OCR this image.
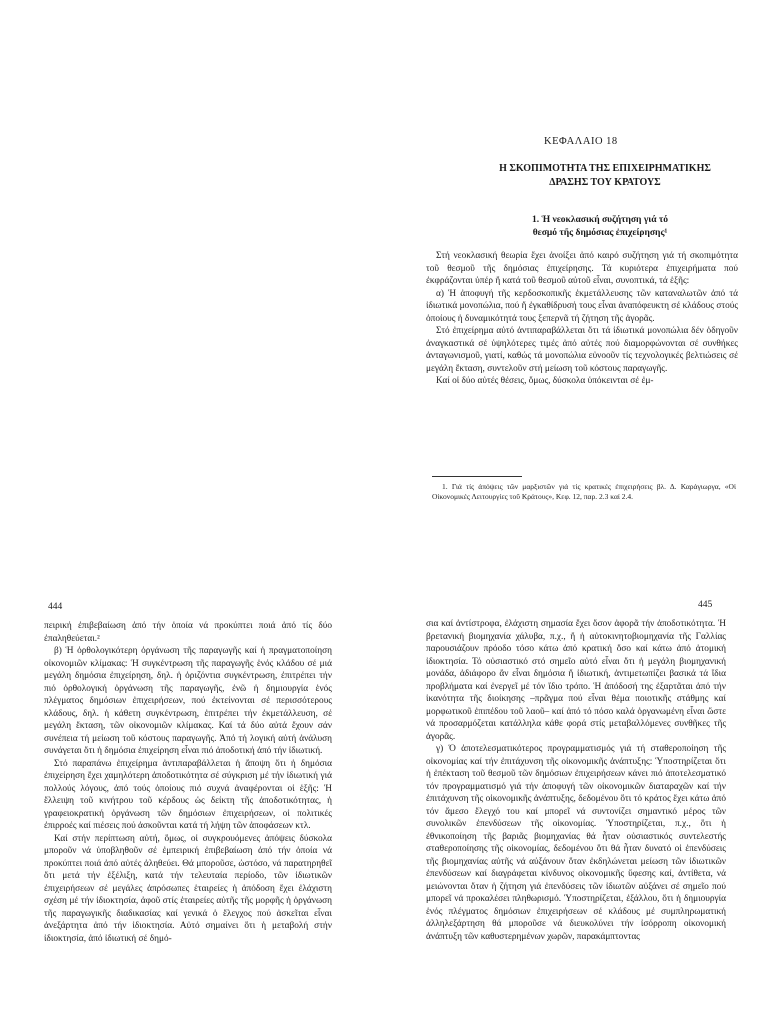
ΚΕΦΑΛΑΙΟ 18
Η ΣΚΟΠΙΜΟΤΗΤΑ ΤΗΣ ΕΠΙΧΕΙΡΗΜΑΤΙΚΗΣ
ΔΡΑΣΗΣ ΤΟΥ ΚΡΑΤΟΥΣ
1. Ἡ νεοκλασική συζήτηση γιά τό
θεσμό τῆς δημόσιας ἐπιχείρησης¹

Στή νεοκλασική θεωρία ἔχει ἀνοίξει ἀπό καιρό συζήτηση γιά τή σκοπιμότητα τοῦ θεσμοῦ τῆς δημόσιας ἐπιχείρησης. Τά κυριότερα ἐπιχειρήματα πού ἐκφράζονται ὑπέρ ἤ κατά τοῦ θεσμοῦ αὐτοῦ εἶναι, συνοπτικά, τά ἑξῆς:

α) Ἡ ἀποφυγή τῆς κερδοσκοπικῆς ἐκμετάλλευσης τῶν καταναλωτῶν ἀπό τά ἰδιωτικά μονοπώλια, πού ἤ ἐγκαθίδρυσή τους εἶναι ἀναπόφευκτη σέ κλάδους στούς ὁποίους ἡ δυναμικότητά τους ξεπερνᾶ τή ζήτηση τῆς ἀγορᾶς.

Στό ἐπιχείρημα αὐτό ἀντιπαραβάλλεται ὅτι τά ἰδιωτικά μονοπώλια δέν ὁδηγοῦν ἀναγκαστικά σέ ὑψηλότερες τιμές ἀπό αὐτές πού διαμορφώνονται σέ συνθήκες ἀνταγωνισμοῦ, γιατί, καθώς τά μονοπώλια εὐνοοῦν τίς τεχνολογικές βελτιώσεις σέ μεγάλη ἔκταση, συντελοῦν στή μείωση τοῦ κόστους παραγωγῆς.

Καί οἱ δύο αὐτές θέσεις, ὅμως, δύσκολα ὑπόκεινται σέ ἐμ-

1. Γιά τίς ἀπόψεις τῶν μαρξιστῶν γιά τίς κρατικές ἐπιχειρήσεις βλ. Δ. Καράγιωργα, «Οἱ Οἰκονομικές Λειτουργίες τοῦ Κράτους», Κεφ. 12, παρ. 2.3 καί 2.4.
444	445

πειρική ἐπιβεβαίωση ἀπό τήν ὁποία νά προκύπτει ποιά ἀπό τίς δύο ἐπαληθεύεται.²

β) Ἡ ὀρθολογικότερη ὀργάνωση τῆς παραγωγῆς καί ἡ πραγματοποίηση οἰκονομιῶν κλίμακας: Ἡ συγκέντρωση τῆς παραγωγῆς ἑνός κλάδου σέ μιά μεγάλη δημόσια ἐπιχείρηση, δηλ. ἡ ὁριζόντια συγκέντρωση, ἐπιτρέπει τήν πιό ὀρθολογική ὀργάνωση τῆς παραγωγῆς, ἐνῶ ἡ δημιουργία ἑνός πλέγματος δημόσιων ἐπιχειρήσεων, πού ἐκτείνονται σέ περισσότερους κλάδους, δηλ. ἡ κάθετη συγκέντρωση, ἐπιτρέπει τήν ἐκμετάλλευση, σέ μεγάλη ἔκταση, τῶν οἰκονομιῶν κλίμακας. Καί τά δύο αὐτά ἔχουν σάν συνέπεια τή μείωση τοῦ κόστους παραγωγῆς. Ἀπό τή λογική αὐτή ἀνάλυση συνάγεται ὅτι ἡ δημόσια ἐπιχείρηση εἶναι πιό ἀποδοτική ἀπό τήν ἰδιωτική.

Στό παραπάνω ἐπιχείρημα ἀντιπαραβάλλεται ἡ ἄποψη ὅτι ἡ δημόσια ἐπιχείρηση ἔχει χαμηλότερη ἀποδοτικότητα σέ σύγκριση μέ τήν ἰδιωτική γιά πολλούς λόγους, ἀπό τούς ὁποίους πιό συχνά ἀναφέρονται οἱ ἑξῆς: Ἡ ἔλλειψη τοῦ κινήτρου τοῦ κέρδους ὡς δείκτη τῆς ἀποδοτικότητας, ἡ γραφειοκρατική ὀργάνωση τῶν δημόσιων ἐπιχειρήσεων, οἱ πολιτικές ἐπιρροές καί πιέσεις πού ἀσκοῦνται κατά τή λήψη τῶν ἀποφάσεων κτλ.

Καί στήν περίπτωση αὐτή, ὅμως, οἱ συγκρουόμενες ἀπόψεις δύσκολα μποροῦν νά ὑποβληθοῦν σέ ἐμπειρική ἐπιβεβαίωση ἀπό τήν ὁποία νά προκύπτει ποιά ἀπό αὐτές ἀληθεύει. Θά μποροῦσε, ὡστόσο, νά παρατηρηθεῖ ὅτι μετά τήν ἐξέλιξη, κατά τήν τελευταία περίοδο, τῶν ἰδιωτικῶν ἐπιχειρήσεων σέ μεγάλες ἀπρόσωπες ἑταιρείες ἡ ἀπόδοση ἔχει ἐλάχιστη σχέση μέ τήν ἰδιοκτησία, ἀφοῦ στίς ἑταιρείες αὐτῆς τῆς μορφῆς ἡ ὀργάνωση τῆς παραγωγικῆς διαδικασίας καί γενικά ὁ ἔλεγχος πού ἀσκεῖται εἶναι ἀνεξάρτητα ἀπό τήν ἰδιοκτησία. Αὐτό σημαίνει ὅτι ἡ μεταβολή στήν ἰδιοκτησία, ἀπό ἰδιωτική σέ δημό-

σια καί ἀντίστροφα, ἐλάχιστη σημασία ἔχει ὅσον ἀφορᾶ τήν ἀποδοτικότητα. Ἡ βρετανική βιομηχανία χάλυβα, π.χ., ἤ ἡ αὐτοκινητοβιομηχανία τῆς Γαλλίας παρουσιάζουν πρόοδο τόσο κάτω ἀπό κρατική ὅσο καί κάτω ἀπό ἀτομική ἰδιοκτησία. Τό οὐσιαστικό στό σημεῖο αὐτό εἶναι ὅτι ἡ μεγάλη βιομηχανική μονάδα, ἀδιάφορο ἄν εἶναι δημόσια ἤ ἰδιωτική, ἀντιμετωπίζει βασικά τά ἴδια προβλήματα καί ἐνεργεῖ μέ τόν ἴδιο τρόπο. Ἡ ἀπόδοσή της ἐξαρτᾶται ἀπό τήν ἱκανότητα τῆς διοίκησης –πρᾶγμα πού εἶναι θέμα ποιοτικῆς στάθμης καί μορφωτικοῦ ἐπιπέδου τοῦ λαοῦ– καί ἀπό τό πόσο καλά ὀργανωμένη εἶναι ὥστε νά προσαρμόζεται κατάλληλα κάθε φορά στίς μεταβαλλόμενες συνθῆκες τῆς ἀγορᾶς.

γ) Ὁ ἀποτελεσματικότερος προγραμματισμός γιά τή σταθεροποίηση τῆς οἰκονομίας καί τήν ἐπιτάχυνση τῆς οἰκονομικῆς ἀνάπτυξης: Ὑποστηρίζεται ὅτι ἡ ἐπέκταση τοῦ θεσμοῦ τῶν δημόσιων ἐπιχειρήσεων κάνει πιό ἀποτελεσματικό τόν προγραμματισμό γιά τήν ἀποφυγή τῶν οἰκονομικῶν διαταραχῶν καί τήν ἐπιτάχυνση τῆς οἰκονομικῆς ἀνάπτυξης, δεδομένου ὅτι τό κράτος ἔχει κάτω ἀπό τόν ἄμεσο ἔλεγχό του καί μπορεῖ νά συντονίζει σημαντικό μέρος τῶν συνολικῶν ἐπενδύσεων τῆς οἰκονομίας. Ὑποστηρίζεται, π.χ., ὅτι ἡ ἐθνικοποίηση τῆς βαριᾶς βιομηχανίας θά ἦταν οὐσιαστικός συντελεστής σταθεροποίησης τῆς οἰκονομίας, δεδομένου ὅτι θά ἦταν δυνατό οἱ ἐπενδύσεις τῆς βιομηχανίας αὐτῆς νά αὐξάνουν ὅταν ἐκδηλώνεται μείωση τῶν ἰδιωτικῶν ἐπενδύσεων καί διαγράφεται κίνδυνος οἰκονομικῆς ὕφεσης καί, ἀντίθετα, νά μειώνονται ὅταν ἡ ζήτηση γιά ἐπενδύσεις τῶν ἰδιωτῶν αὐξάνει σέ σημεῖο πού μπορεῖ νά προκαλέσει πληθωρισμό. Ὑποστηρίζεται, ἐξάλλου, ὅτι ἡ δημιουργία ἑνός πλέγματος δημόσιων ἐπιχειρήσεων σέ κλάδους μέ συμπληρωματική ἀλληλεξάρτηση θά μποροῦσε νά διευκολύνει τήν ἰσόρροπη οἰκονομική ἀνάπτυξη τῶν καθυστερημένων χωρῶν, παρακάμπτοντας
